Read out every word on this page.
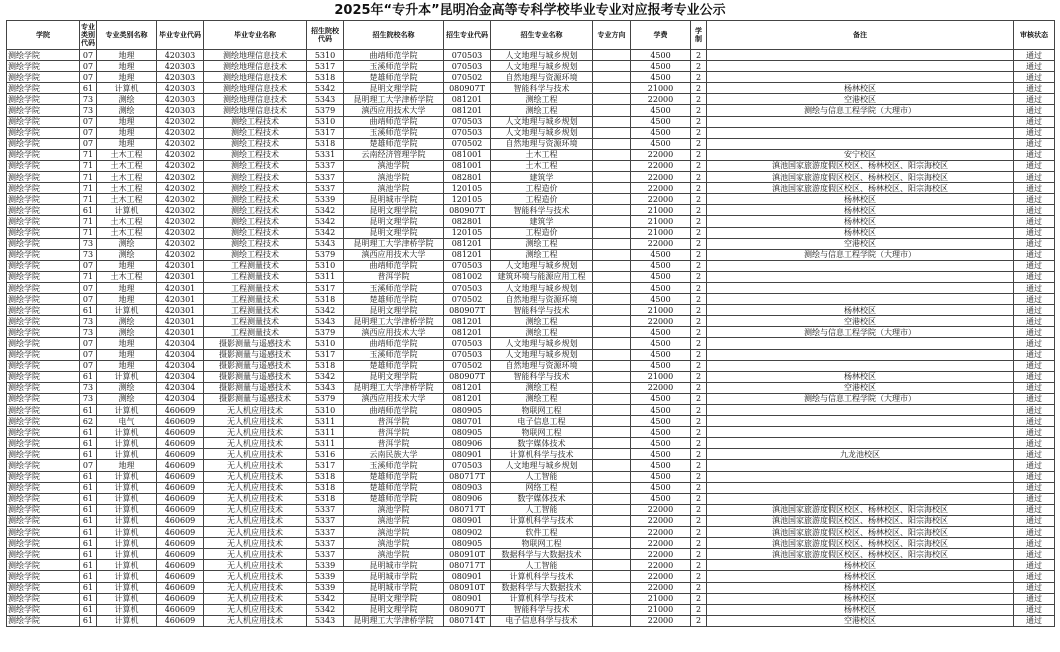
2025年“专升本”昆明冶金高等专科学校毕业专业对应报考专业公示
学院	专业类别代码	专业类别名称	毕业专业代码	毕业专业名称	招生院校代码	招生院校名称	招生专业代码	招生专业名称	专业方向	学费	学制	备注	审核状态
测绘学院	07	地理	420303	测绘地理信息技术	5310	曲靖师范学院	070503	人文地理与城乡规划		4500	2		通过
测绘学院	07	地理	420303	测绘地理信息技术	5317	玉溪师范学院	070503	人文地理与城乡规划		4500	2		通过
测绘学院	07	地理	420303	测绘地理信息技术	5318	楚雄师范学院	070502	自然地理与资源环境		4500	2		通过
测绘学院	61	计算机	420303	测绘地理信息技术	5342	昆明文理学院	080907T	智能科学与技术		21000	2	杨林校区	通过
测绘学院	73	测绘	420303	测绘地理信息技术	5343	昆明理工大学津桥学院	081201	测绘工程		22000	2	空港校区	通过
测绘学院	73	测绘	420303	测绘地理信息技术	5379	滇西应用技术大学	081201	测绘工程		4500	2	测绘与信息工程学院（大理市）	通过
测绘学院	07	地理	420302	测绘工程技术	5310	曲靖师范学院	070503	人文地理与城乡规划		4500	2		通过
测绘学院	07	地理	420302	测绘工程技术	5317	玉溪师范学院	070503	人文地理与城乡规划		4500	2		通过
测绘学院	07	地理	420302	测绘工程技术	5318	楚雄师范学院	070502	自然地理与资源环境		4500	2		通过
测绘学院	71	土木工程	420302	测绘工程技术	5331	云南经济管理学院	081001	土木工程		22000	2	安宁校区	通过
测绘学院	71	土木工程	420302	测绘工程技术	5337	滇池学院	081001	土木工程		22000	2	滇池国家旅游度假区校区、杨林校区、阳宗海校区	通过
测绘学院	71	土木工程	420302	测绘工程技术	5337	滇池学院	082801	建筑学		22000	2	滇池国家旅游度假区校区、杨林校区、阳宗海校区	通过
测绘学院	71	土木工程	420302	测绘工程技术	5337	滇池学院	120105	工程造价		22000	2	滇池国家旅游度假区校区、杨林校区、阳宗海校区	通过
测绘学院	71	土木工程	420302	测绘工程技术	5339	昆明城市学院	120105	工程造价		22000	2	杨林校区	通过
测绘学院	61	计算机	420302	测绘工程技术	5342	昆明文理学院	080907T	智能科学与技术		21000	2	杨林校区	通过
测绘学院	71	土木工程	420302	测绘工程技术	5342	昆明文理学院	082801	建筑学		21000	2	杨林校区	通过
测绘学院	71	土木工程	420302	测绘工程技术	5342	昆明文理学院	120105	工程造价		21000	2	杨林校区	通过
测绘学院	73	测绘	420302	测绘工程技术	5343	昆明理工大学津桥学院	081201	测绘工程		22000	2	空港校区	通过
测绘学院	73	测绘	420302	测绘工程技术	5379	滇西应用技术大学	081201	测绘工程		4500	2	测绘与信息工程学院（大理市）	通过
测绘学院	07	地理	420301	工程测量技术	5310	曲靖师范学院	070503	人文地理与城乡规划		4500	2		通过
测绘学院	71	土木工程	420301	工程测量技术	5311	普洱学院	081002	建筑环境与能源应用工程		4500	2		通过
测绘学院	07	地理	420301	工程测量技术	5317	玉溪师范学院	070503	人文地理与城乡规划		4500	2		通过
测绘学院	07	地理	420301	工程测量技术	5318	楚雄师范学院	070502	自然地理与资源环境		4500	2		通过
测绘学院	61	计算机	420301	工程测量技术	5342	昆明文理学院	080907T	智能科学与技术		21000	2	杨林校区	通过
测绘学院	73	测绘	420301	工程测量技术	5343	昆明理工大学津桥学院	081201	测绘工程		22000	2	空港校区	通过
测绘学院	73	测绘	420301	工程测量技术	5379	滇西应用技术大学	081201	测绘工程		4500	2	测绘与信息工程学院（大理市）	通过
测绘学院	07	地理	420304	摄影测量与遥感技术	5310	曲靖师范学院	070503	人文地理与城乡规划		4500	2		通过
测绘学院	07	地理	420304	摄影测量与遥感技术	5317	玉溪师范学院	070503	人文地理与城乡规划		4500	2		通过
测绘学院	07	地理	420304	摄影测量与遥感技术	5318	楚雄师范学院	070502	自然地理与资源环境		4500	2		通过
测绘学院	61	计算机	420304	摄影测量与遥感技术	5342	昆明文理学院	080907T	智能科学与技术		21000	2	杨林校区	通过
测绘学院	73	测绘	420304	摄影测量与遥感技术	5343	昆明理工大学津桥学院	081201	测绘工程		22000	2	空港校区	通过
测绘学院	73	测绘	420304	摄影测量与遥感技术	5379	滇西应用技术大学	081201	测绘工程		4500	2	测绘与信息工程学院（大理市）	通过
测绘学院	61	计算机	460609	无人机应用技术	5310	曲靖师范学院	080905	物联网工程		4500	2		通过
测绘学院	62	电气	460609	无人机应用技术	5311	普洱学院	080701	电子信息工程		4500	2		通过
测绘学院	61	计算机	460609	无人机应用技术	5311	普洱学院	080905	物联网工程		4500	2		通过
测绘学院	61	计算机	460609	无人机应用技术	5311	普洱学院	080906	数字媒体技术		4500	2		通过
测绘学院	61	计算机	460609	无人机应用技术	5316	云南民族大学	080901	计算机科学与技术		4500	2	九龙池校区	通过
测绘学院	07	地理	460609	无人机应用技术	5317	玉溪师范学院	070503	人文地理与城乡规划		4500	2		通过
测绘学院	61	计算机	460609	无人机应用技术	5318	楚雄师范学院	080717T	人工智能		4500	2		通过
测绘学院	61	计算机	460609	无人机应用技术	5318	楚雄师范学院	080903	网络工程		4500	2		通过
测绘学院	61	计算机	460609	无人机应用技术	5318	楚雄师范学院	080906	数字媒体技术		4500	2		通过
测绘学院	61	计算机	460609	无人机应用技术	5337	滇池学院	080717T	人工智能		22000	2	滇池国家旅游度假区校区、杨林校区、阳宗海校区	通过
测绘学院	61	计算机	460609	无人机应用技术	5337	滇池学院	080901	计算机科学与技术		22000	2	滇池国家旅游度假区校区、杨林校区、阳宗海校区	通过
测绘学院	61	计算机	460609	无人机应用技术	5337	滇池学院	080902	软件工程		22000	2	滇池国家旅游度假区校区、杨林校区、阳宗海校区	通过
测绘学院	61	计算机	460609	无人机应用技术	5337	滇池学院	080905	物联网工程		22000	2	滇池国家旅游度假区校区、杨林校区、阳宗海校区	通过
测绘学院	61	计算机	460609	无人机应用技术	5337	滇池学院	080910T	数据科学与大数据技术		22000	2	滇池国家旅游度假区校区、杨林校区、阳宗海校区	通过
测绘学院	61	计算机	460609	无人机应用技术	5339	昆明城市学院	080717T	人工智能		22000	2	杨林校区	通过
测绘学院	61	计算机	460609	无人机应用技术	5339	昆明城市学院	080901	计算机科学与技术		22000	2	杨林校区	通过
测绘学院	61	计算机	460609	无人机应用技术	5339	昆明城市学院	080910T	数据科学与大数据技术		22000	2	杨林校区	通过
测绘学院	61	计算机	460609	无人机应用技术	5342	昆明文理学院	080901	计算机科学与技术		21000	2	杨林校区	通过
测绘学院	61	计算机	460609	无人机应用技术	5342	昆明文理学院	080907T	智能科学与技术		21000	2	杨林校区	通过
测绘学院	61	计算机	460609	无人机应用技术	5343	昆明理工大学津桥学院	080714T	电子信息科学与技术		22000	2	空港校区	通过
